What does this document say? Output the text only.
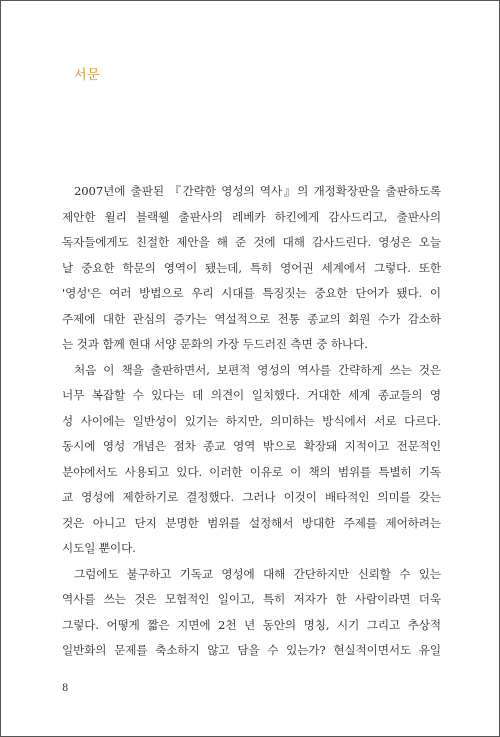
서문
2007년에 출판된 『간략한 영성의 역사』의 개정확장판을 출판하도록
제안한 윌리 블랙웰 출판사의 레베카 하킨에게 감사드리고, 출판사의
독자들에게도 친절한 제안을 해 준 것에 대해 감사드린다. 영성은 오늘
날 중요한 학문의 영역이 됐는데, 특히 영어권 세계에서 그렇다. 또한
'영성'은 여러 방법으로 우리 시대를 특징짓는 중요한 단어가 됐다. 이
주제에 대한 관심의 증가는 역설적으로 전통 종교의 회원 수가 감소하
는 것과 함께 현대 서양 문화의 가장 두드러진 측면 중 하나다.
처음 이 책을 출판하면서, 보편적 영성의 역사를 간략하게 쓰는 것은
너무 복잡할 수 있다는 데 의견이 일치했다. 거대한 세계 종교들의 영
성 사이에는 일반성이 있기는 하지만, 의미하는 방식에서 서로 다르다.
동시에 영성 개념은 점차 종교 영역 밖으로 확장돼 지적이고 전문적인
분야에서도 사용되고 있다. 이러한 이유로 이 책의 범위를 특별히 기독
교 영성에 제한하기로 결정했다. 그러나 이것이 배타적인 의미를 갖는
것은 아니고 단지 분명한 범위를 설정해서 방대한 주제를 제어하려는
시도일 뿐이다.
그럼에도 불구하고 기독교 영성에 대해 간단하지만 신뢰할 수 있는
역사를 쓰는 것은 모험적인 일이고, 특히 저자가 한 사람이라면 더욱
그렇다. 어떻게 짧은 지면에 2천 년 동안의 명칭, 시기 그리고 추상적
일반화의 문제를 축소하지 않고 담을 수 있는가? 현실적이면서도 유일
8
